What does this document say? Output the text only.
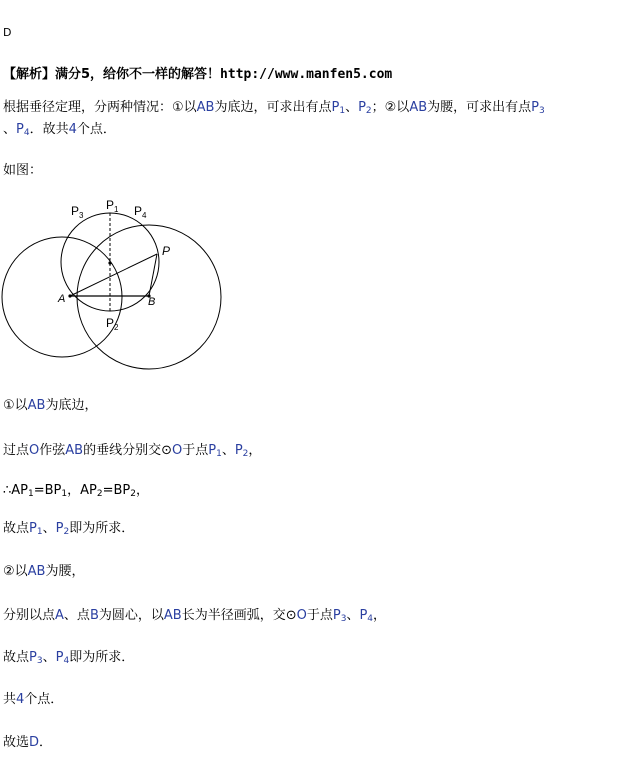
D
【解析】满分5，给你不一样的解答！http://www.manfen5.com
根据垂径定理，分两种情况：①以AB为底边，可求出有点$P_1$、$P_2$；②以AB为腰，可求出有点$P_3$
、$P_4$．故共4个点．
如图：
$P_1$
$P_3$	$P_4$
$P_2$
P
A	B
①以AB为底边，
过点O作弦AB的垂线分别交⊙O于点$P_1$、$P_2$，
$\therefore AP_1=BP_1$，$AP_2=BP_2$，
故点$P_1$、$P_2$即为所求．
②以AB为腰，
分别以点A、点B为圆心，以AB长为半径画弧，交⊙O于点$P_3$、$P_4$，
故点$P_3$、$P_4$即为所求．
共4个点．
故选D．
